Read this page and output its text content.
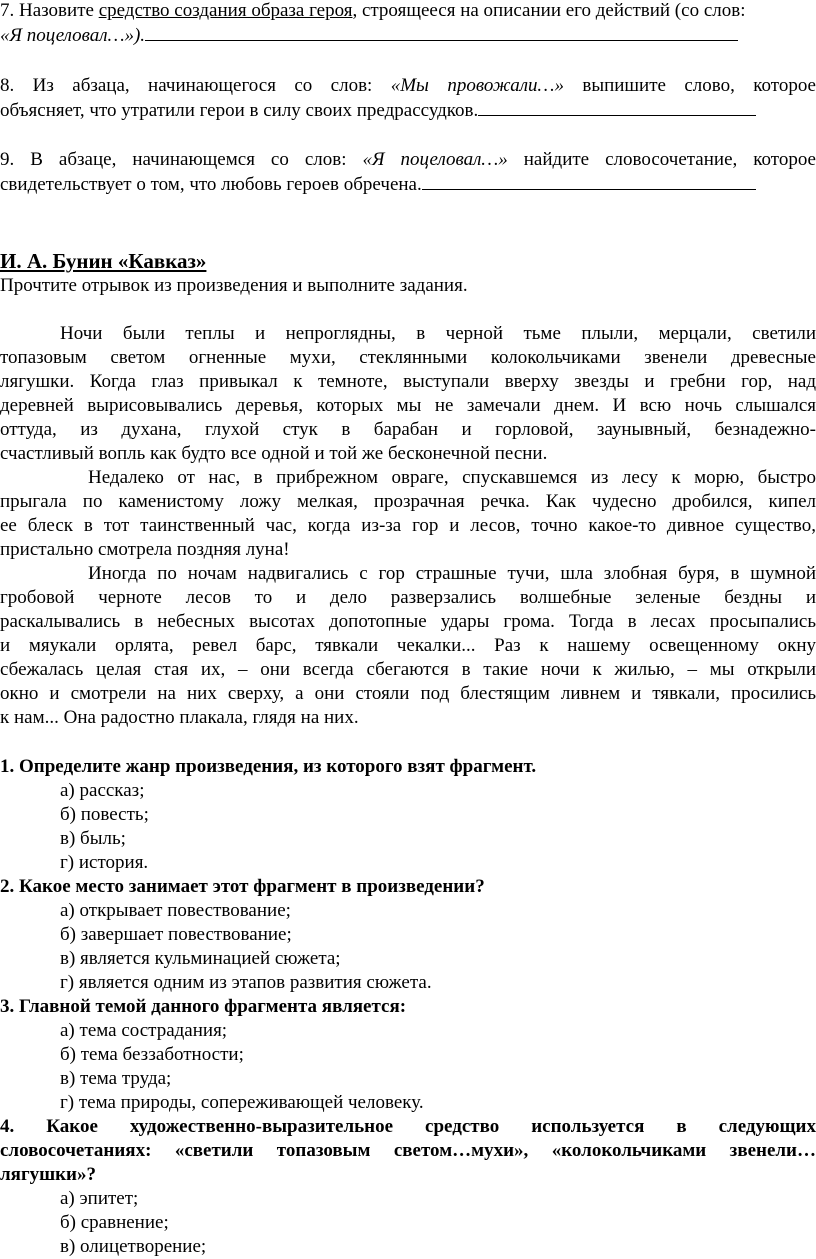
7. Назовите средство создания образа героя, строящееся на описании его действий (со слов:
«Я поцеловал…»).
8. Из абзаца, начинающегося со слов: «Мы провожали…» выпишите слово, которое
объясняет, что утратили герои в силу своих предрассудков.
9. В абзаце, начинающемся со слов: «Я поцеловал…» найдите словосочетание, которое
свидетельствует о том, что любовь героев обречена.
И. А. Бунин «Кавказ»
Прочтите отрывок из произведения и выполните задания.
Ночи были теплы и непроглядны, в черной тьме плыли, мерцали, светили
топазовым светом огненные мухи, стеклянными колокольчиками звенели древесные
лягушки. Когда глаз привыкал к темноте, выступали вверху звезды и гребни гор, над
деревней вырисовывались деревья, которых мы не замечали днем. И всю ночь слышался
оттуда, из духана, глухой стук в барабан и горловой, заунывный, безнадежно-
счастливый вопль как будто все одной и той же бесконечной песни.
Недалеко от нас, в прибрежном овраге, спускавшемся из лесу к морю, быстро
прыгала по каменистому ложу мелкая, прозрачная речка. Как чудесно дробился, кипел
ее блеск в тот таинственный час, когда из-за гор и лесов, точно какое-то дивное существо,
пристально смотрела поздняя луна!
Иногда по ночам надвигались с гор страшные тучи, шла злобная буря, в шумной
гробовой чернотe лесов то и дело разверзались волшебные зеленые бездны и
раскалывались в небесных высотах допотопные удары грома. Тогда в лесах просыпались
и мяукали орлята, ревел барс, тявкали чекалки... Раз к нашему освещенному окну
сбежалась целая стая их, – они всегда сбегаются в такие ночи к жилью, – мы открыли
окно и смотрели на них сверху, а они стояли под блестящим ливнем и тявкали, просились
к нам... Она радостно плакала, глядя на них.
1. Определите жанр произведения, из которого взят фрагмент.
а) рассказ;
б) повесть;
в) быль;
г) история.
2. Какое место занимает этот фрагмент в произведении?
а) открывает повествование;
б) завершает повествование;
в) является кульминацией сюжета;
г) является одним из этапов развития сюжета.
3. Главной темой данного фрагмента является:
а) тема сострадания;
б) тема беззаботности;
в) тема труда;
г) тема природы, сопереживающей человеку.
4. Какое художественно-выразительное средство используется в следующих
словосочетаниях: «светили топазовым светом…мухи», «колокольчиками звенели…
лягушки»?
а) эпитет;
б) сравнение;
в) олицетворение;
